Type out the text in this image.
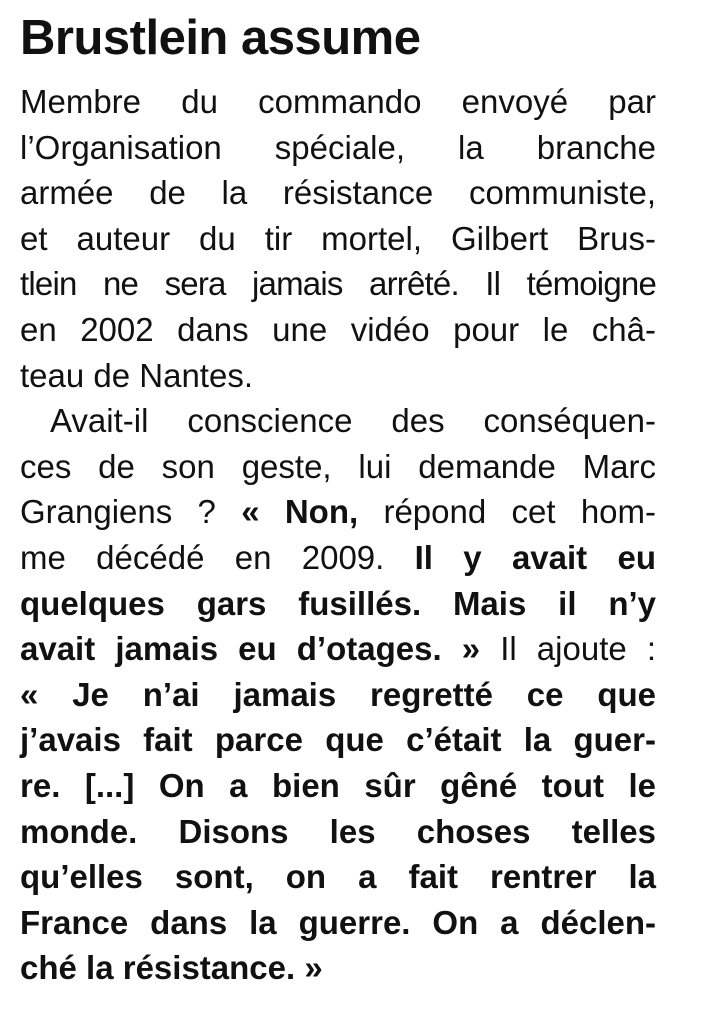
Brustlein assume
Membre du commando envoyé par
l’Organisation spéciale, la branche
armée de la résistance communiste,
et auteur du tir mortel, Gilbert Brus-
tlein ne sera jamais arrêté. Il témoigne
en 2002 dans une vidéo pour le châ-
teau de Nantes.
Avait-il conscience des conséquen-
ces de son geste, lui demande Marc
Grangiens ? « Non, répond cet hom-
me décédé en 2009. Il y avait eu
quelques gars fusillés. Mais il n’y
avait jamais eu d’otages. » Il ajoute :
« Je n’ai jamais regretté ce que
j’avais fait parce que c’était la guer-
re. [...] On a bien sûr gêné tout le
monde. Disons les choses telles
qu’elles sont, on a fait rentrer la
France dans la guerre. On a déclen-
ché la résistance. »
